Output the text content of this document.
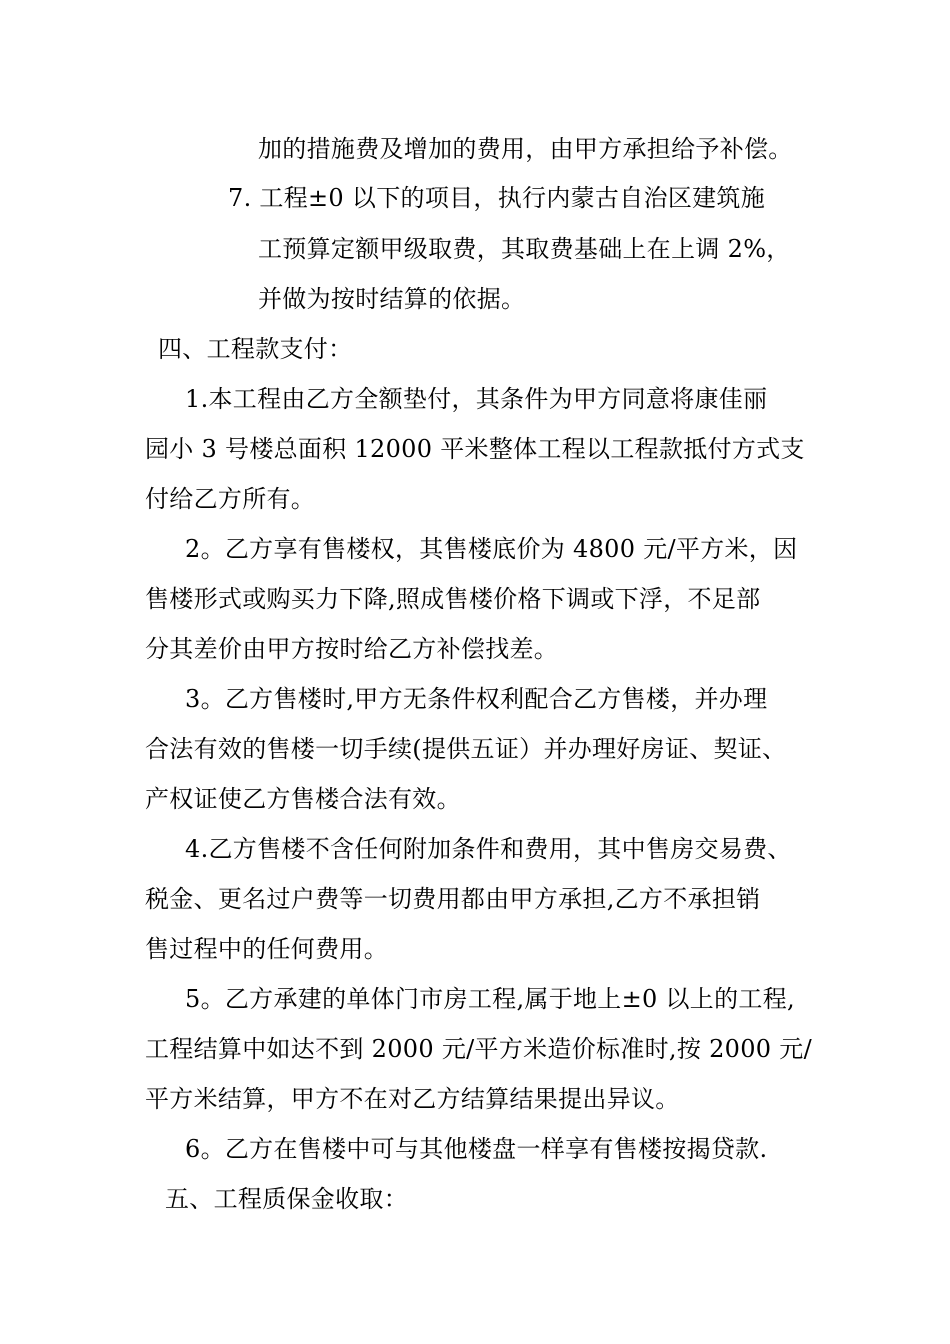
加的措施费及增加的费用，由甲方承担给予补偿。
7. 工程±0 以下的项目，执行内蒙古自治区建筑施
工预算定额甲级取费，其取费基础上在上调 2%，
并做为按时结算的依据。
四、工程款支付：
1.本工程由乙方全额垫付，其条件为甲方同意将康佳丽
园小 3 号楼总面积 12000 平米整体工程以工程款抵付方式支
付给乙方所有。
2。乙方享有售楼权，其售楼底价为 4800 元/平方米，因
售楼形式或购买力下降,照成售楼价格下调或下浮，不足部
分其差价由甲方按时给乙方补偿找差。
3。乙方售楼时,甲方无条件权利配合乙方售楼，并办理
合法有效的售楼一切手续(提供五证）并办理好房证、契证、
产权证使乙方售楼合法有效。
4.乙方售楼不含任何附加条件和费用，其中售房交易费、
税金、更名过户费等一切费用都由甲方承担,乙方不承担销
售过程中的任何费用。
5。乙方承建的单体门市房工程,属于地上±0 以上的工程,
工程结算中如达不到 2000 元/平方米造价标准时,按 2000 元/
平方米结算，甲方不在对乙方结算结果提出异议。
6。乙方在售楼中可与其他楼盘一样享有售楼按揭贷款.
五、工程质保金收取：
